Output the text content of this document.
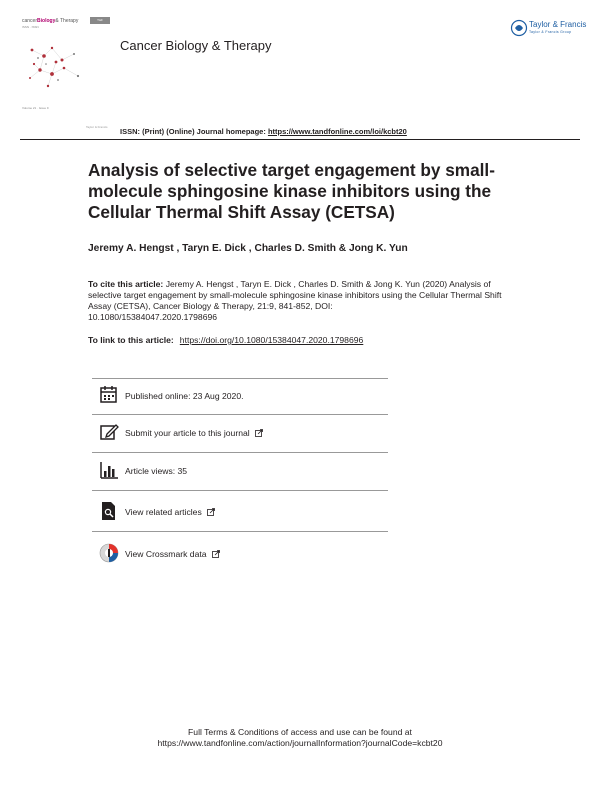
cancerBiology& Therapy
ISSN · ISSN
T&F
Volume 21 · Issue 9
Taylor & Francis
Cancer Biology & Therapy
Taylor & Francis
Taylor & Francis Group
ISSN: (Print) (Online) Journal homepage: https://www.tandfonline.com/loi/kcbt20
Analysis of selective target engagement by small-molecule sphingosine kinase inhibitors using the Cellular Thermal Shift Assay (CETSA)
Jeremy A. Hengst , Taryn E. Dick , Charles D. Smith & Jong K. Yun
To cite this article: Jeremy A. Hengst , Taryn E. Dick , Charles D. Smith & Jong K. Yun (2020) Analysis of selective target engagement by small-molecule sphingosine kinase inhibitors using the Cellular Thermal Shift Assay (CETSA), Cancer Biology & Therapy, 21:9, 841-852, DOI:
10.1080/15384047.2020.1798696
To link to this article: https://doi.org/10.1080/15384047.2020.1798696
Published online: 23 Aug 2020.
Submit your article to this journal
Article views: 35
View related articles
View Crossmark data
Full Terms & Conditions of access and use can be found at
https://www.tandfonline.com/action/journalInformation?journalCode=kcbt20
